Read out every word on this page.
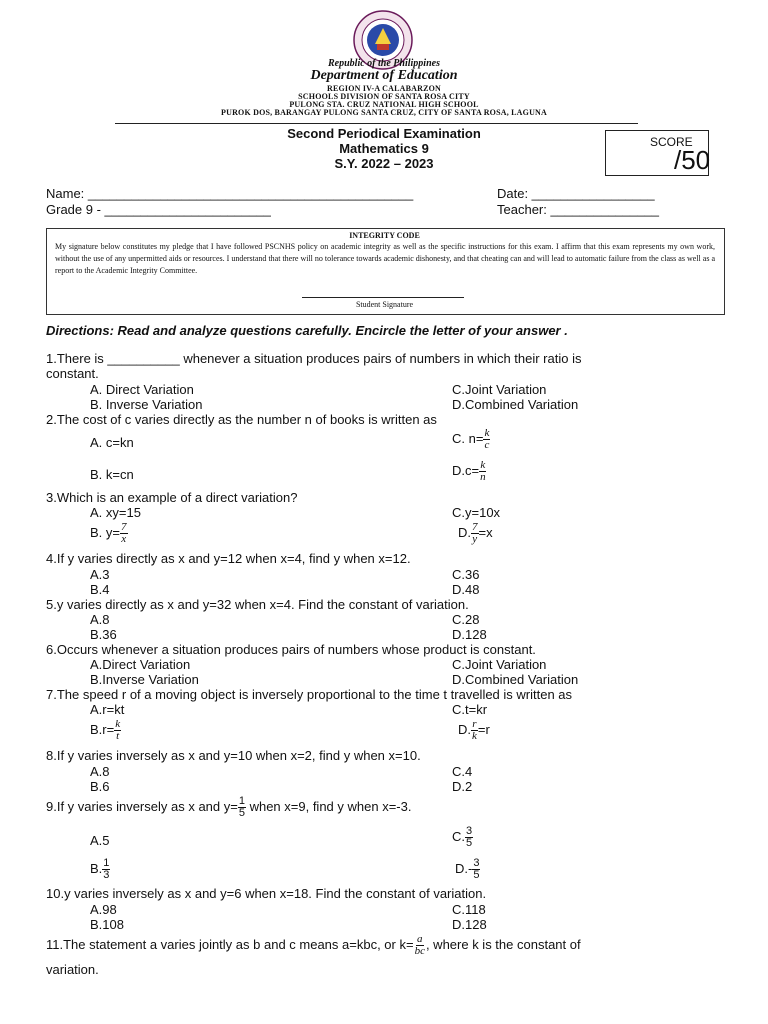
Republic of the Philippines
Department of Education
REGION IV-A CALABARZON
SCHOOLS DIVISION OF SANTA ROSA CITY
PULONG STA. CRUZ NATIONAL HIGH SCHOOL
PUROK DOS, BARANGAY PULONG SANTA CRUZ, CITY OF SANTA ROSA, LAGUNA
Second Periodical Examination
Mathematics 9
S.Y. 2022 – 2023
SCORE
/50
Name: _____________________________________________	Date: _________________
Grade 9 - _______________________	Teacher: _______________
INTEGRITY CODE
My signature below constitutes my pledge that I have followed PSCNHS policy on academic integrity as well as the specific instructions for this exam. I affirm that this exam represents my own work, without the use of any unpermitted aids or resources. I understand that there will no tolerance towards academic dishonesty, and that cheating can and will lead to automatic failure from the class as well as a report to the Academic Integrity Committee.
Student Signature
Directions: Read and analyze questions carefully. Encircle the letter of your answer .
1.There is __________ whenever a situation produces pairs of numbers in which their ratio is
constant.
A. Direct Variation	C.Joint Variation
B. Inverse Variation	D.Combined Variation
2.The cost of c varies directly as the number n of books is written as
A. c=kn	C. $n= \frac{k}{c}$
B. k=cn	$D.c= \frac{k}{n}$
3.Which is an example of a direct variation?
A. xy=15	C.y=10x
B. $y= \frac{7}{x}$	D. $\frac{7}{y} =x$
4.If y varies directly as x and y=12 when x=4, find y when x=12.
A.3	C.36
B.4	D.48
5.y varies directly as x and y=32 when x=4. Find the constant of variation.
A.8	C.28
B.36	D.128
6.Occurs whenever a situation produces pairs of numbers whose product is constant.
A.Direct Variation	C.Joint Variation
B.Inverse Variation	D.Combined Variation
7.The speed r of a moving object is inversely proportional to the time t travelled is written as
A.r=kt	C.t=kr
$B.r= \frac{k}{t}$	D. $\frac{r}{k} =r$
8.If y varies inversely as x and y=10 when x=2, find y when x=10.
A.8	C.4
B.6	D.2
9.If y varies inversely as x and $y= \frac{1}{5}$ when x=9, find y when x=-3.
A.5	C. $\frac{3}{5}$
B. $\frac{1}{3}$	$D.- \frac{3}{5}$
10.y varies inversely as x and y=6 when x=18. Find the constant of variation.
A.98	C.118
B.108	D.128
11.The statement a varies jointly as b and c means a=kbc, or $k= \frac{a}{bc}$ , where k is the constant of
variation.
